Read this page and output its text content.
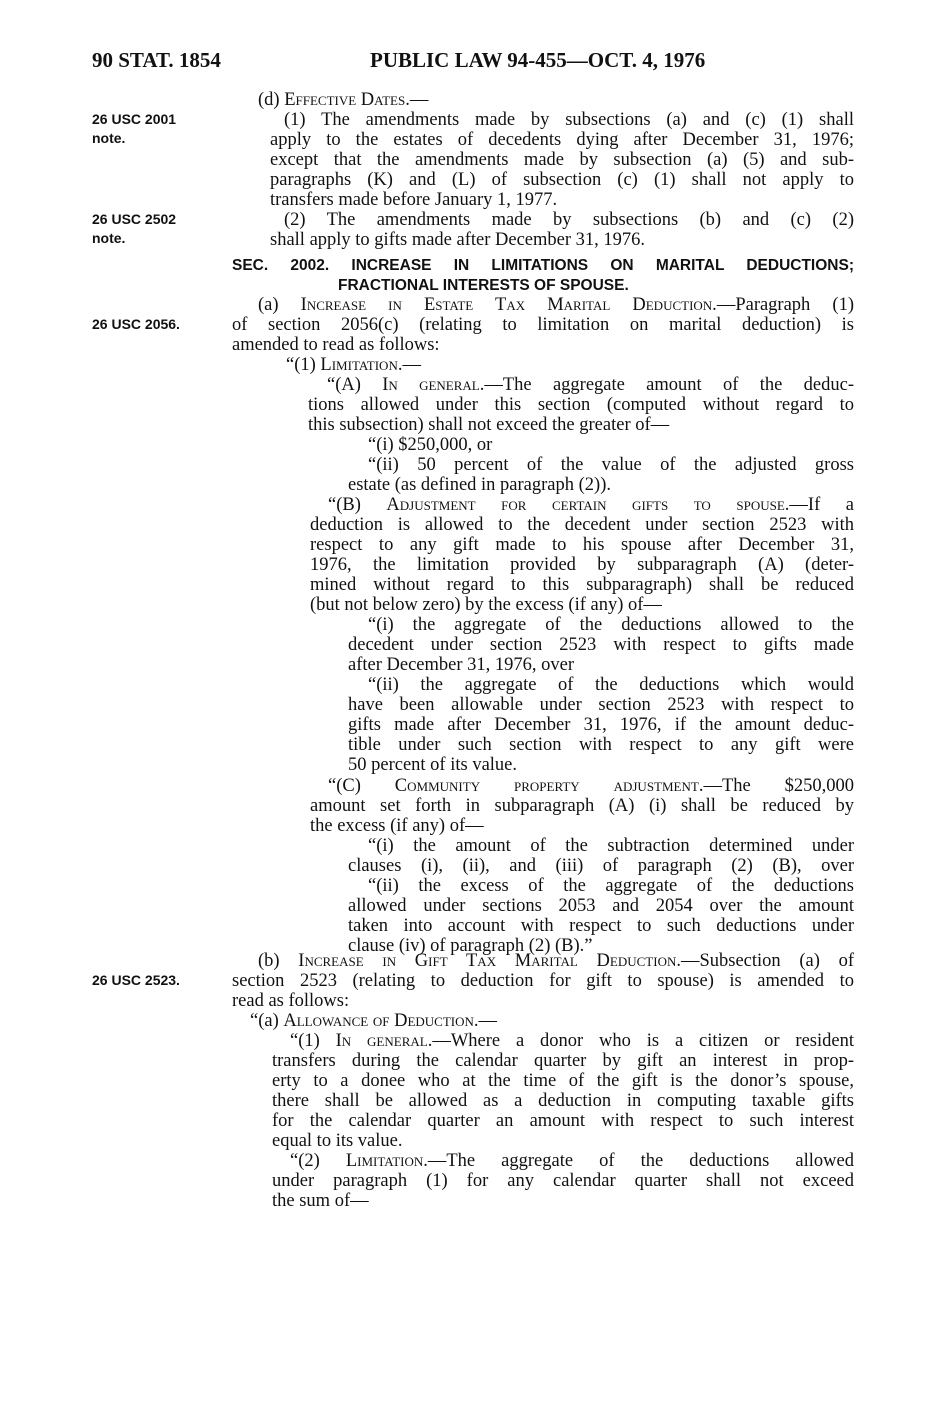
90 STAT. 1854	PUBLIC LAW 94-455—OCT. 4, 1976
26 USC 2001
note.
26 USC 2502
note.
26 USC 2056.
26 USC 2523.
(d) Effective Dates.—
(1) The amendments made by subsections (a) and (c) (1) shall
apply to the estates of decedents dying after December 31, 1976;
except that the amendments made by subsection (a) (5) and sub-
paragraphs (K) and (L) of subsection (c) (1) shall not apply to
transfers made before January 1, 1977.
(2) The amendments made by subsections (b) and (c) (2)
shall apply to gifts made after December 31, 1976.
SEC. 2002. INCREASE IN LIMITATIONS ON MARITAL DEDUCTIONS;
FRACTIONAL INTERESTS OF SPOUSE.
(a) Increase in Estate Tax Marital Deduction.—Paragraph (1)
of section 2056(c) (relating to limitation on marital deduction) is
amended to read as follows:
“(1) Limitation.—
“(A) In general.—The aggregate amount of the deduc-
tions allowed under this section (computed without regard to
this subsection) shall not exceed the greater of—
“(i) $250,000, or
“(ii) 50 percent of the value of the adjusted gross
estate (as defined in paragraph (2)).
“(B) Adjustment for certain gifts to spouse.—If a
deduction is allowed to the decedent under section 2523 with
respect to any gift made to his spouse after December 31,
1976, the limitation provided by subparagraph (A) (deter-
mined without regard to this subparagraph) shall be reduced
(but not below zero) by the excess (if any) of—
“(i) the aggregate of the deductions allowed to the
decedent under section 2523 with respect to gifts made
after December 31, 1976, over
“(ii) the aggregate of the deductions which would
have been allowable under section 2523 with respect to
gifts made after December 31, 1976, if the amount deduc-
tible under such section with respect to any gift were
50 percent of its value.
“(C) Community property adjustment.—The $250,000
amount set forth in subparagraph (A) (i) shall be reduced by
the excess (if any) of—
“(i) the amount of the subtraction determined under
clauses (i), (ii), and (iii) of paragraph (2) (B), over
“(ii) the excess of the aggregate of the deductions
allowed under sections 2053 and 2054 over the amount
taken into account with respect to such deductions under
clause (iv) of paragraph (2) (B).”
(b) Increase in Gift Tax Marital Deduction.—Subsection (a) of
section 2523 (relating to deduction for gift to spouse) is amended to
read as follows:
“(a) Allowance of Deduction.—
“(1) In general.—Where a donor who is a citizen or resident
transfers during the calendar quarter by gift an interest in prop-
erty to a donee who at the time of the gift is the donor’s spouse,
there shall be allowed as a deduction in computing taxable gifts
for the calendar quarter an amount with respect to such interest
equal to its value.
“(2) Limitation.—The aggregate of the deductions allowed
under paragraph (1) for any calendar quarter shall not exceed
the sum of—
